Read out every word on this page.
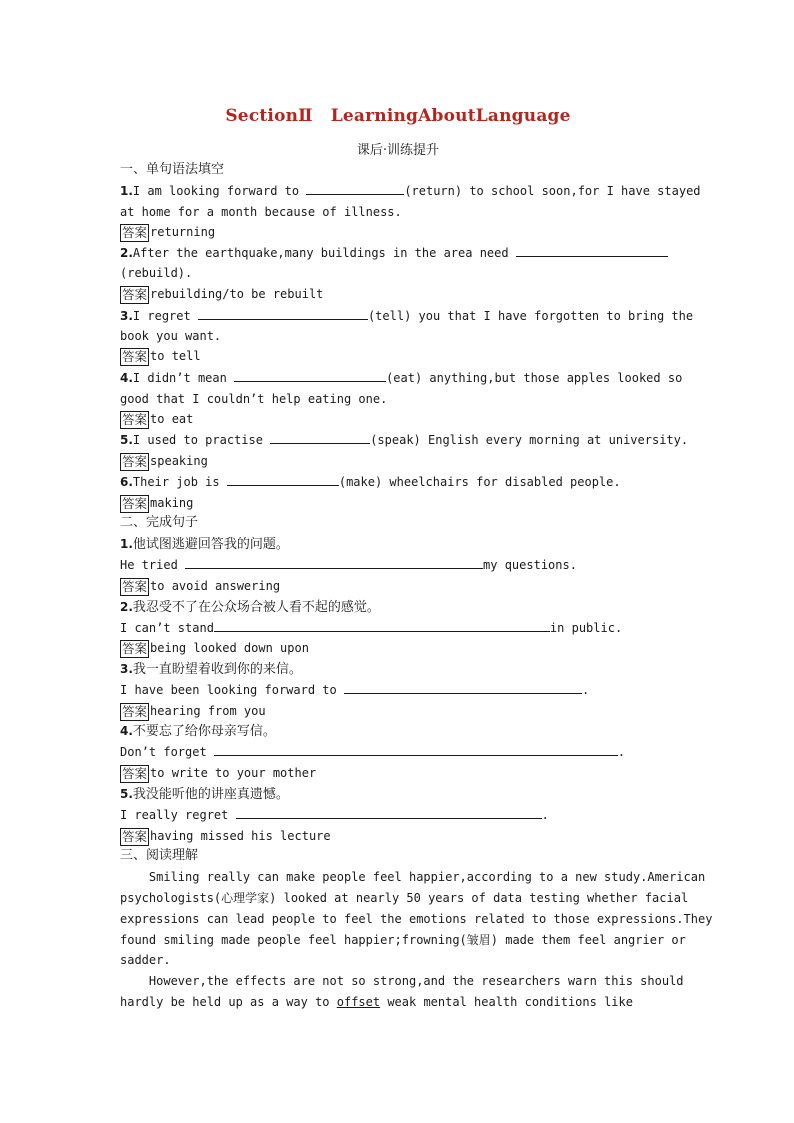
SectionⅡ LearningAboutLanguage
课后·训练提升
一、单句语法填空
1.I am looking forward to	(return) to school soon,for I have stayed
at home for a month because of illness.
答案 returning
2.After the earthquake,many buildings in the area need
(rebuild).
答案 rebuilding/to be rebuilt
3.I regret	(tell) you that I have forgotten to bring the
book you want.
答案 to tell
4.I didn’t mean	(eat) anything,but those apples looked so
good that I couldn’t help eating one.
答案 to eat
5.I used to practise	(speak) English every morning at university.
答案 speaking
6.Their job is	(make) wheelchairs for disabled people.
答案 making
二、完成句子
1.他试图逃避回答我的问题。
He tried	my questions.
答案 to avoid answering
2.我忍受不了在公众场合被人看不起的感觉。
I can’t stand	in public.
答案 being looked down upon
3.我一直盼望着收到你的来信。
I have been looking forward to	.
答案 hearing from you
4.不要忘了给你母亲写信。
Don’t forget	.
答案 to write to your mother
5.我没能听他的讲座真遗憾。
I really regret	.
答案 having missed his lecture
三、阅读理解
Smiling really can make people feel happier,according to a new study.American
psychologists(心理学家) looked at nearly 50 years of data testing whether facial
expressions can lead people to feel the emotions related to those expressions.They
found smiling made people feel happier;frowning(皱眉) made them feel angrier or
sadder.
However,the effects are not so strong,and the researchers warn this should
hardly be held up as a way to offset weak mental health conditions like
